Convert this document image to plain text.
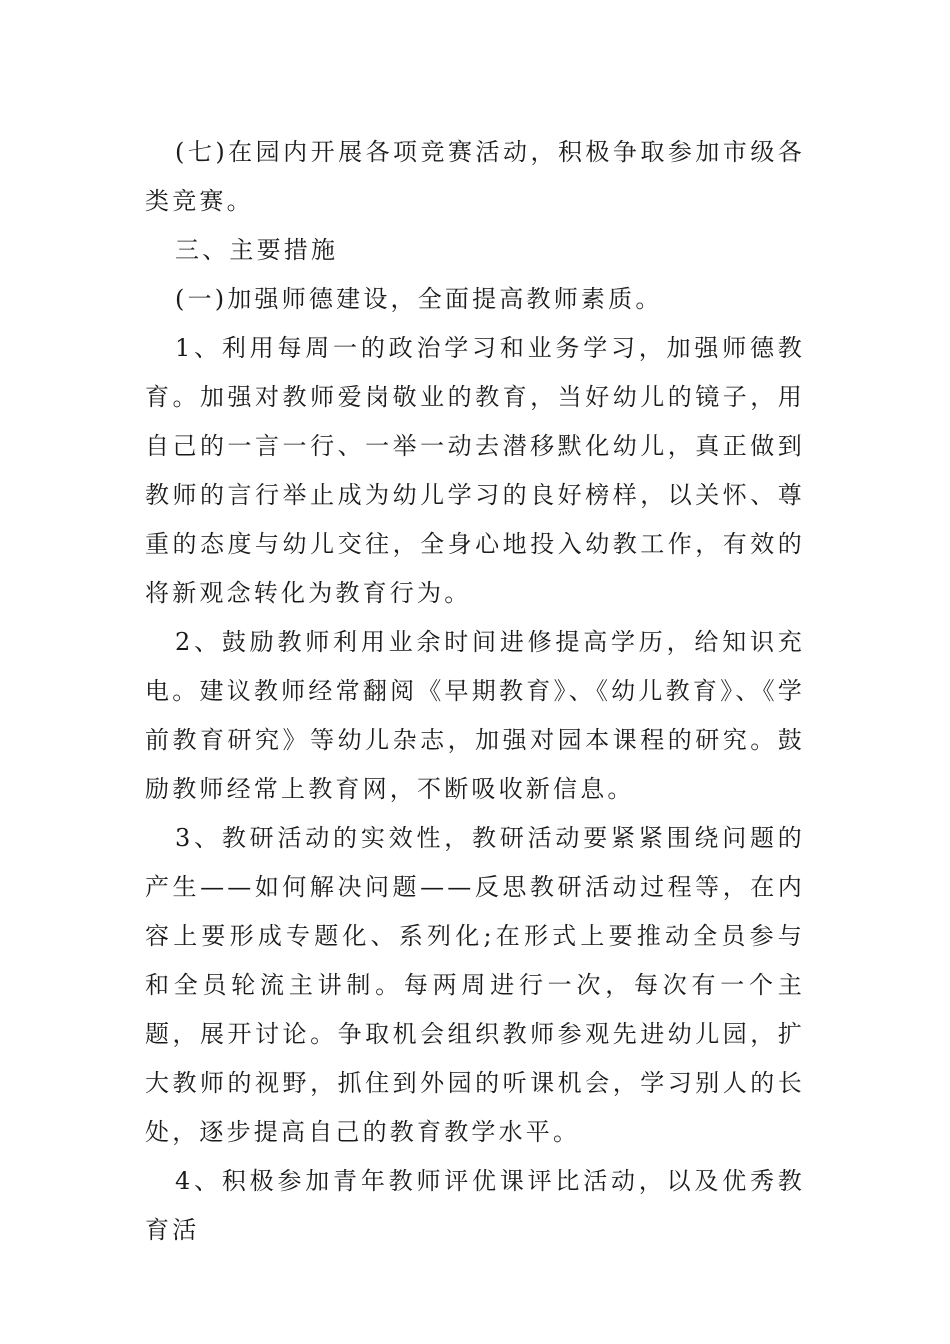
(七)在园内开展各项竞赛活动，积极争取参加市级各类竞赛。

三、主要措施

(一)加强师德建设，全面提高教师素质。

1、利用每周一的政治学习和业务学习，加强师德教育。加强对教师爱岗敬业的教育，当好幼儿的镜子，用自己的一言一行、一举一动去潜移默化幼儿，真正做到教师的言行举止成为幼儿学习的良好榜样，以关怀、尊重的态度与幼儿交往，全身心地投入幼教工作，有效的将新观念转化为教育行为。

2、鼓励教师利用业余时间进修提高学历，给知识充电。建议教师经常翻阅《早期教育》、《幼儿教育》、《学前教育研究》等幼儿杂志，加强对园本课程的研究。鼓励教师经常上教育网，不断吸收新信息。

3、教研活动的实效性，教研活动要紧紧围绕问题的产生——如何解决问题——反思教研活动过程等，在内容上要形成专题化、系列化;在形式上要推动全员参与和全员轮流主讲制。每两周进行一次，每次有一个主题，展开讨论。争取机会组织教师参观先进幼儿园，扩大教师的视野，抓住到外园的听课机会，学习别人的长处，逐步提高自己的教育教学水平。

4、积极参加青年教师评优课评比活动，以及优秀教育活
